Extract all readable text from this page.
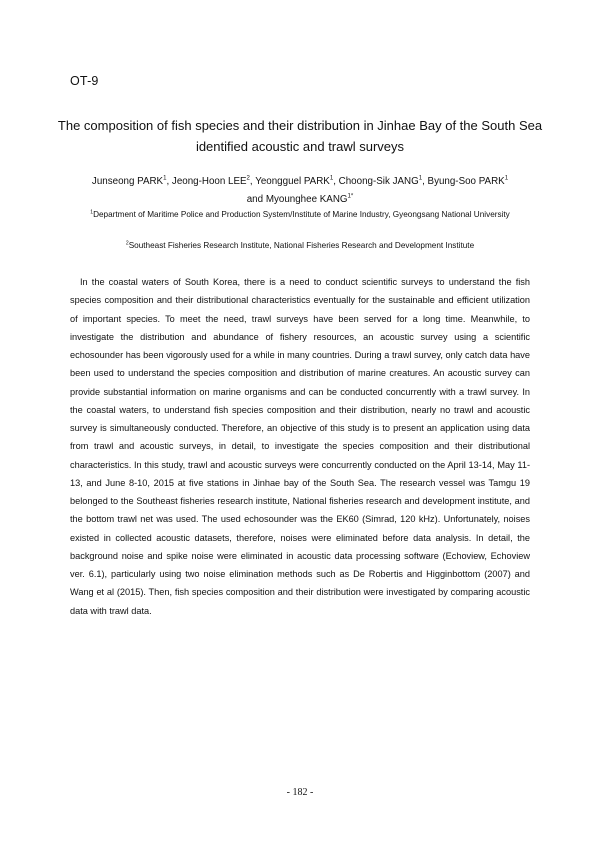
OT-9
The composition of fish species and their distribution in Jinhae Bay of the South Sea identified acoustic and trawl surveys
Junseong PARK$^1$, Jeong-Hoon LEE$^2$, Yeongguel PARK$^1$, Choong-Sik JANG$^1$, Byung-Soo PARK$^1$
and Myounghee $KANG^{1*}$
$^1$Department of Maritime Police and Production System/Institute of Marine Industry, Gyeongsang National University
$^2$Southeast Fisheries Research Institute, National Fisheries Research and Development Institute

In the coastal waters of South Korea, there is a need to conduct scientific surveys to understand the fish species composition and their distributional characteristics eventually for the sustainable and efficient utilization of important species. To meet the need, trawl surveys have been served for a long time. Meanwhile, to investigate the distribution and abundance of fishery resources, an acoustic survey using a scientific echosounder has been vigorously used for a while in many countries. During a trawl survey, only catch data have been used to understand the species composition and distribution of marine creatures. An acoustic survey can provide substantial information on marine organisms and can be conducted concurrently with a trawl survey. In the coastal waters, to understand fish species composition and their distribution, nearly no trawl and acoustic survey is simultaneously conducted. Therefore, an objective of this study is to present an application using data from trawl and acoustic surveys, in detail, to investigate the species composition and their distributional characteristics. In this study, trawl and acoustic surveys were concurrently conducted on the April 13-14, May 11-13, and June 8-10, 2015 at five stations in Jinhae bay of the South Sea. The research vessel was Tamgu 19 belonged to the Southeast fisheries research institute, National fisheries research and development institute, and the bottom trawl net was used. The used echosounder was the EK60 (Simrad, 120 kHz). Unfortunately, noises existed in collected acoustic datasets, therefore, noises were eliminated before data analysis. In detail, the background noise and spike noise were eliminated in acoustic data processing software (Echoview, Echoview ver. 6.1), particularly using two noise elimination methods such as De Robertis and Higginbottom (2007) and Wang et al (2015). Then, fish species composition and their distribution were investigated by comparing acoustic data with trawl data.

- 182 -
